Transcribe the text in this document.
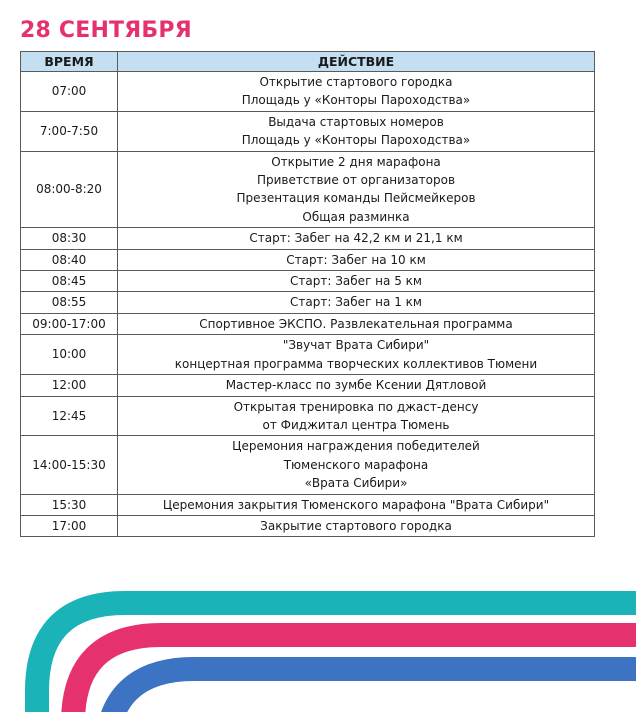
28 СЕНТЯБРЯ
ВРЕМЯ	ДЕЙСТВИЕ
07:00	Открытие стартового городка
Площадь у «Конторы Пароходства»

7:00-7:50	Выдача стартовых номеров
Площадь у «Конторы Пароходства»

08:00-8:20	Открытие 2 дня марафона
Приветствие от организаторов
Презентация команды Пейсмейкеров
Общая разминка

08:30	Старт: Забег на 42,2 км и 21,1 км

08:40	Старт: Забег на 10 км

08:45	Старт: Забег на 5 км

08:55	Старт: Забег на 1 км

09:00-17:00	Спортивное ЭКСПО. Развлекательная программа

10:00	"Звучат Врата Сибири"
концертная программа творческих коллективов Тюмени

12:00	Мастер-класс по зумбе Ксении Дятловой

12:45	Открытая тренировка по джаст-денсу
от Фиджитал центра Тюмень

14:00-15:30	Церемония награждения победителей
Тюменского марафона
«Врата Сибири»

15:30	Церемония закрытия Тюменского марафона "Врата Сибири"

17:00	Закрытие стартового городка
